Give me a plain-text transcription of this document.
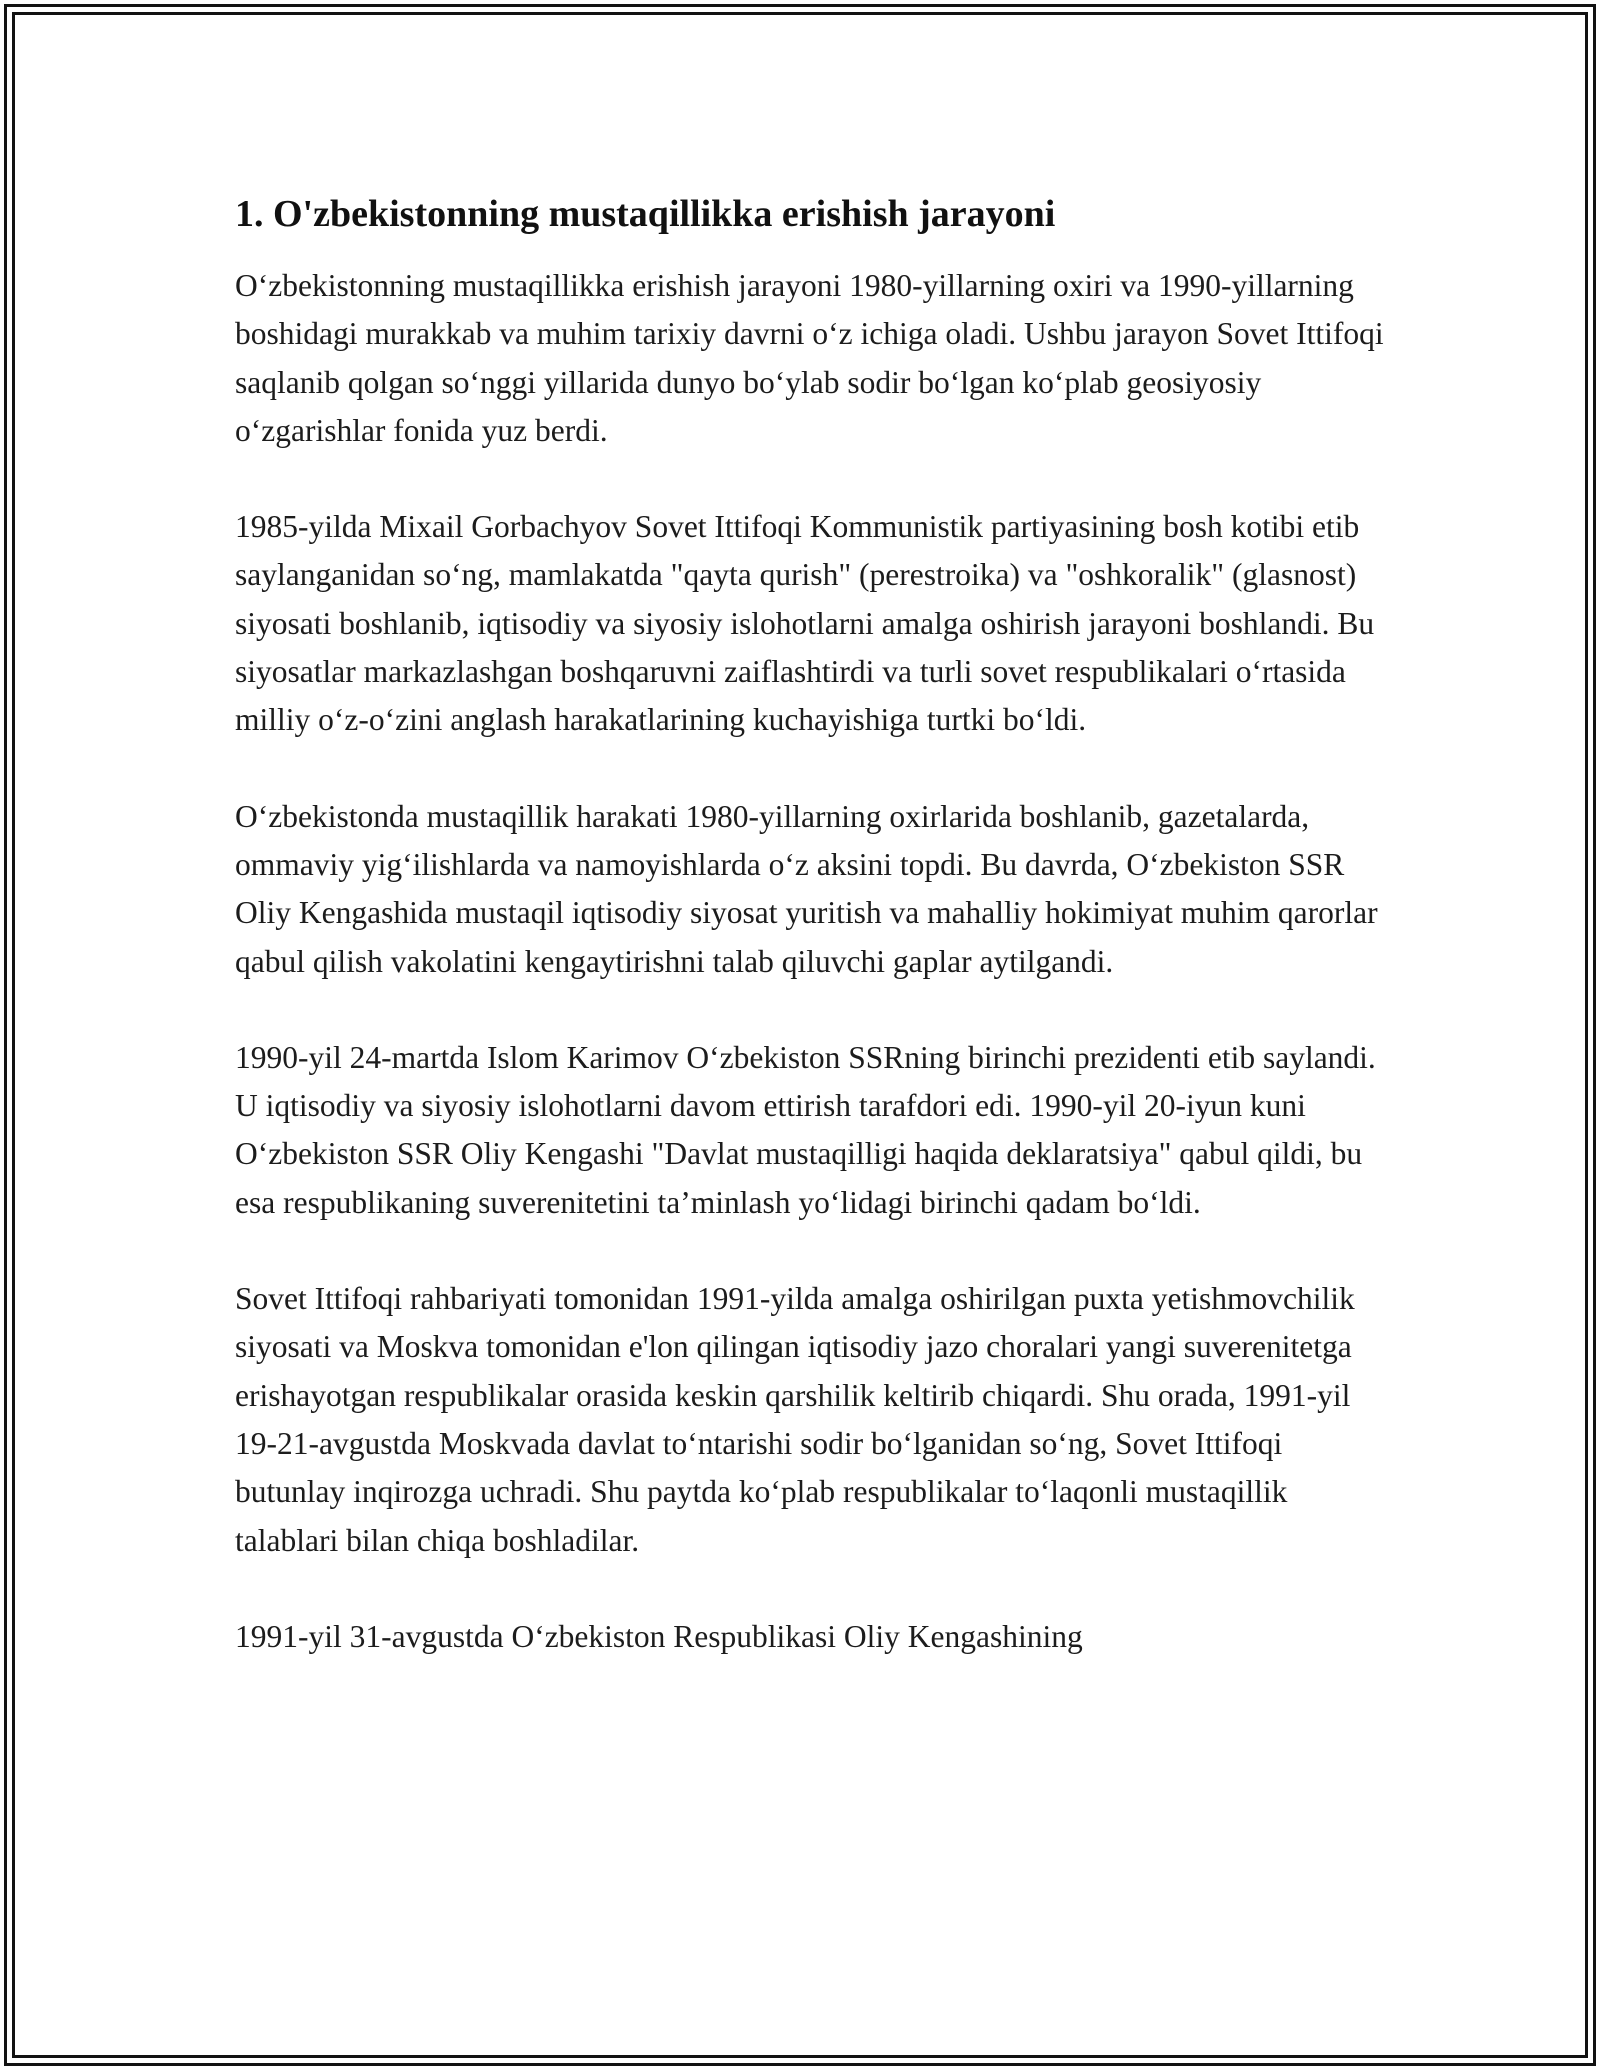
1. O'zbekistonning mustaqillikka erishish jarayoni

O‘zbekistonning mustaqillikka erishish jarayoni 1980-yillarning oxiri va 1990-yillarning boshidagi murakkab va muhim tarixiy davrni o‘z ichiga oladi. Ushbu jarayon Sovet Ittifoqi saqlanib qolgan so‘nggi yillarida dunyo bo‘ylab sodir bo‘lgan ko‘plab geosiyosiy o‘zgarishlar fonida yuz berdi.

1985-yilda Mixail Gorbachyov Sovet Ittifoqi Kommunistik partiyasining bosh kotibi etib saylanganidan so‘ng, mamlakatda "qayta qurish" (perestroika) va "oshkoralik" (glasnost) siyosati boshlanib, iqtisodiy va siyosiy islohotlarni amalga oshirish jarayoni boshlandi. Bu siyosatlar markazlashgan boshqaruvni zaiflashtirdi va turli sovet respublikalari o‘rtasida milliy o‘z-o‘zini anglash harakatlarining kuchayishiga turtki bo‘ldi.

O‘zbekistonda mustaqillik harakati 1980-yillarning oxirlarida boshlanib, gazetalarda, ommaviy yig‘ilishlarda va namoyishlarda o‘z aksini topdi. Bu davrda, O‘zbekiston SSR Oliy Kengashida mustaqil iqtisodiy siyosat yuritish va mahalliy hokimiyat muhim qarorlar qabul qilish vakolatini kengaytirishni talab qiluvchi gaplar aytilgandi.

1990-yil 24-martda Islom Karimov O‘zbekiston SSRning birinchi prezidenti etib saylandi. U iqtisodiy va siyosiy islohotlarni davom ettirish tarafdori edi. 1990-yil 20-iyun kuni O‘zbekiston SSR Oliy Kengashi "Davlat mustaqilligi haqida deklaratsiya" qabul qildi, bu esa respublikaning suverenitetini ta’minlash yo‘lidagi birinchi qadam bo‘ldi.

Sovet Ittifoqi rahbariyati tomonidan 1991-yilda amalga oshirilgan puxta yetishmovchilik siyosati va Moskva tomonidan e'lon qilingan iqtisodiy jazo choralari yangi suverenitetga erishayotgan respublikalar orasida keskin qarshilik keltirib chiqardi. Shu orada, 1991-yil 19-21-avgustda Moskvada davlat to‘ntarishi sodir bo‘lganidan so‘ng, Sovet Ittifoqi butunlay inqirozga uchradi. Shu paytda ko‘plab respublikalar to‘laqonli mustaqillik talablari bilan chiqa boshladilar.

1991-yil 31-avgustda O‘zbekiston Respublikasi Oliy Kengashining
